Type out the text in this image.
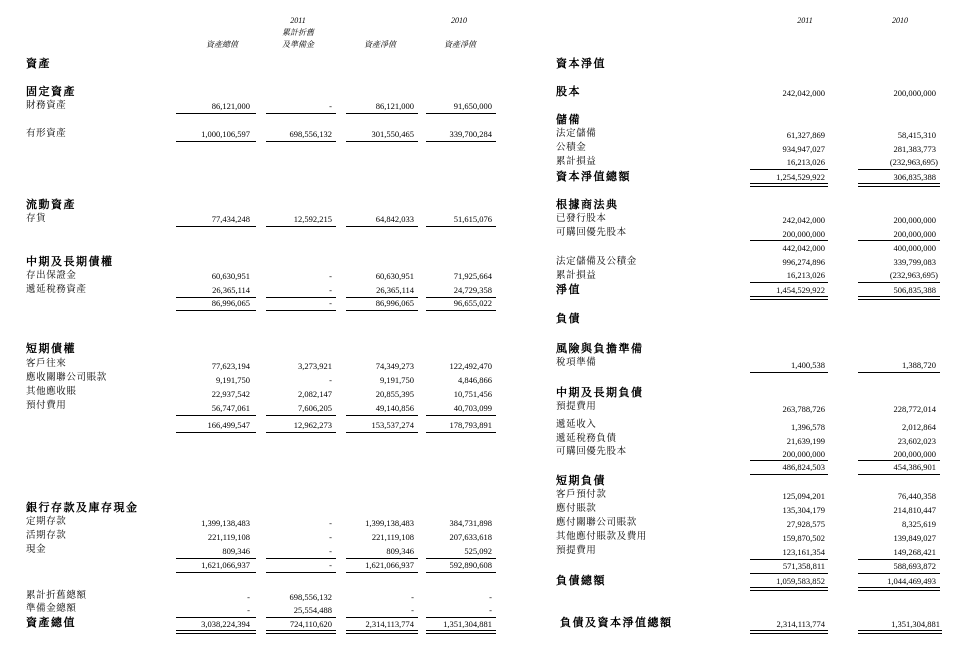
2011	2010
累計折舊
資產總值	及準備金	資產淨值	資產淨值
資產
固定資產
財務資產	86,121,000	-	86,121,000	91,650,000
有形資產	1,000,106,597	698,556,132	301,550,465	339,700,284
流動資產
存貨	77,434,248	12,592,215	64,842,033	51,615,076
中期及長期債權
存出保證金	60,630,951	-	60,630,951	71,925,664
遞延稅務資產	26,365,114	-	26,365,114	24,729,358
86,996,065	-	86,996,065	96,655,022
短期債權
客戶往來	77,623,194	3,273,921	74,349,273	122,492,470
應收關聯公司賬款	9,191,750	-	9,191,750	4,846,866
其他應收賬	22,937,542	2,082,147	20,855,395	10,751,456
預付費用	56,747,061	7,606,205	49,140,856	40,703,099
166,499,547	12,962,273	153,537,274	178,793,891
銀行存款及庫存現金
定期存款	1,399,138,483	-	1,399,138,483	384,731,898
活期存款	221,119,108	-	221,119,108	207,633,618
現金	809,346	-	809,346	525,092
1,621,066,937	-	1,621,066,937	592,890,608
累計折舊總額	-	698,556,132	-	-
準備金總額	-	25,554,488	-	-
資產總值	3,038,224,394	724,110,620	2,314,113,774	1,351,304,881
2011	2010
資本淨值
股本	242,042,000	200,000,000
儲備
法定儲備	61,327,869	58,415,310
公積金	934,947,027	281,383,773
累計損益	16,213,026	(232,963,695)
資本淨值總額	1,254,529,922	306,835,388
根據商法典
已發行股本	242,042,000	200,000,000
可購回優先股本	200,000,000	200,000,000
442,042,000	400,000,000
法定儲備及公積金	996,274,896	339,799,083
累計損益	16,213,026	(232,963,695)
淨值	1,454,529,922	506,835,388
負債
風險與負擔準備
稅項準備	1,400,538	1,388,720
中期及長期負債
預提費用	263,788,726	228,772,014
遞延收入	1,396,578	2,012,864
遞延稅務負債	21,639,199	23,602,023
可購回優先股本	200,000,000	200,000,000
486,824,503	454,386,901
短期負債
客戶預付款	125,094,201	76,440,358
應付賬款	135,304,179	214,810,447
應付關聯公司賬款	27,928,575	8,325,619
其他應付賬款及費用	159,870,502	139,849,027
預提費用	123,161,354	149,268,421
571,358,811	588,693,872
負債總額	1,059,583,852	1,044,469,493
負債及資本淨值總額	2,314,113,774	1,351,304,881
